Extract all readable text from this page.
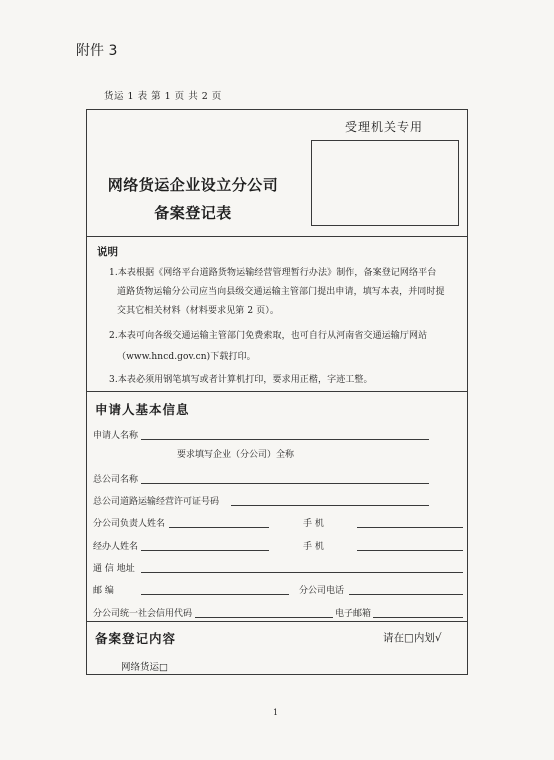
附件 3
货运 1 表 第 1 页 共 2 页
受理机关专用
网络货运企业设立分公司
备案登记表
说明
1.本表根据《网络平台道路货物运输经营管理暂行办法》制作，备案登记网络平台
道路货物运输分公司应当向县级交通运输主管部门提出申请，填写本表，并同时提
交其它相关材料（材料要求见第 2 页）。
2.本表可向各级交通运输主管部门免费索取，也可自行从河南省交通运输厅网站
（www.hncd.gov.cn)下载打印。
3.本表必须用钢笔填写或者计算机打印，要求用正楷，字迹工整。
申请人基本信息
申请人名称
要求填写企业（分公司）全称
总公司名称
总公司道路运输经营许可证号码
分公司负责人姓名	手 机
经办人姓名	手 机
通 信 地址
邮 编	分公司电话
分公司统一社会信用代码	电子邮箱
备案登记内容	请在□内划√
网络货运□
1
